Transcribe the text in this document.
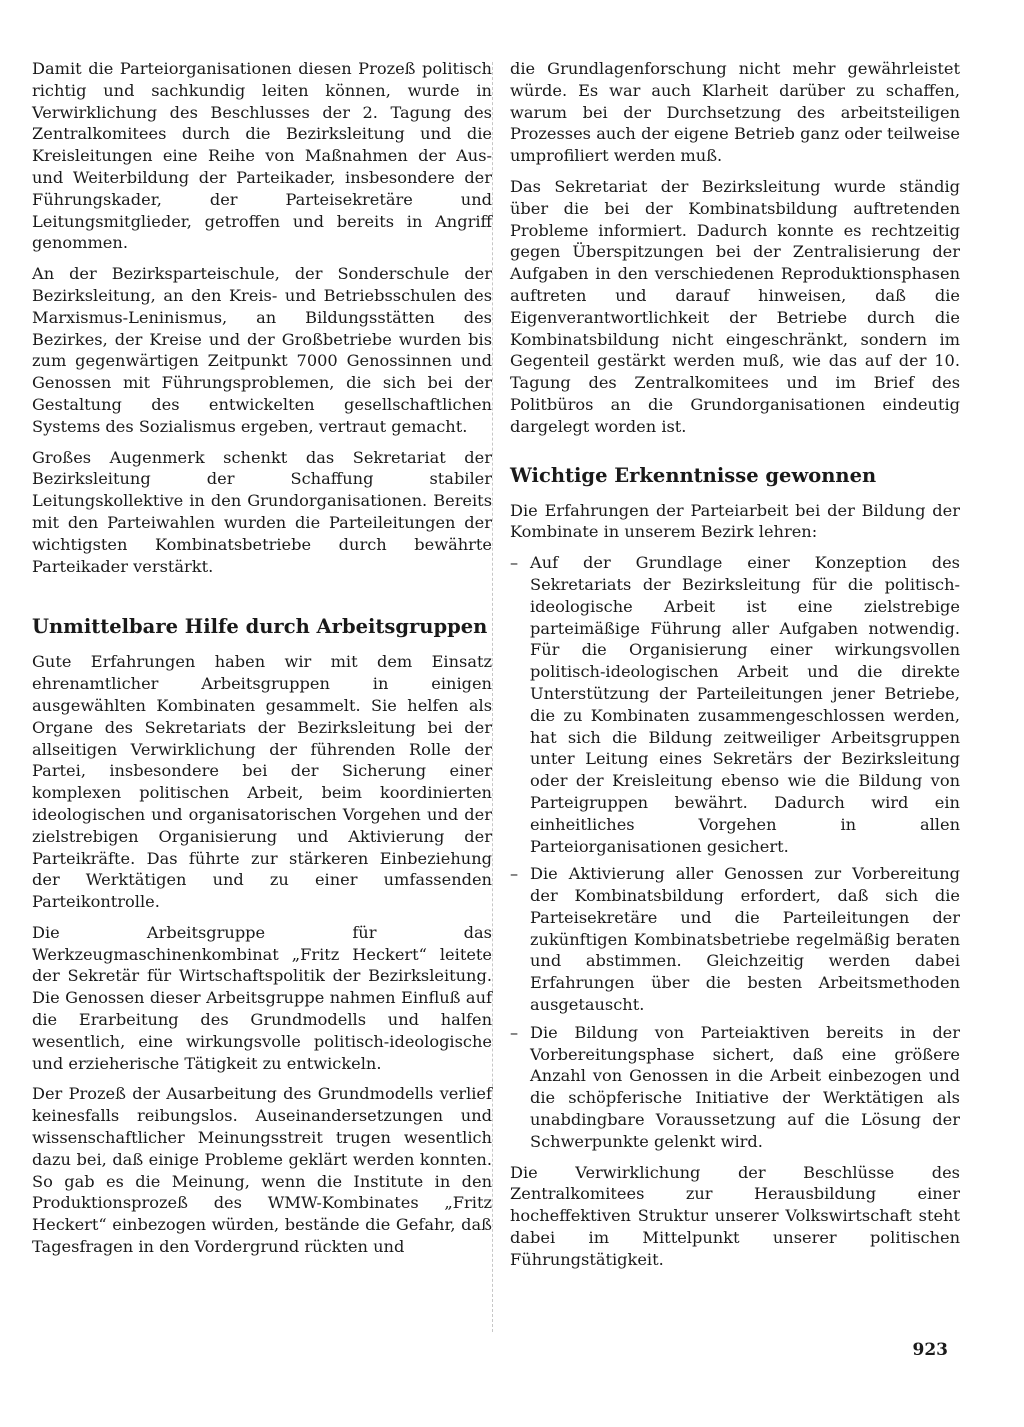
Damit die Parteiorganisationen diesen Prozeß politisch richtig und sachkundig leiten können, wurde in Verwirklichung des Beschlusses der 2. Tagung des Zentralkomitees durch die Bezirksleitung und die Kreisleitungen eine Reihe von Maßnahmen der Aus- und Weiterbildung der Parteikader, insbesondere der Führungskader, der Parteisekretäre und Leitungsmitglieder, getroffen und bereits in Angriff genommen.

An der Bezirksparteischule, der Sonderschule der Bezirksleitung, an den Kreis- und Betriebsschulen des Marxismus-Leninismus, an Bildungsstätten des Bezirkes, der Kreise und der Großbetriebe wurden bis zum gegenwärtigen Zeitpunkt 7000 Genossinnen und Genossen mit Führungsproblemen, die sich bei der Gestaltung des entwickelten gesellschaftlichen Systems des Sozialismus ergeben, vertraut gemacht.

Großes Augenmerk schenkt das Sekretariat der Bezirksleitung der Schaffung stabiler Leitungskollektive in den Grundorganisationen. Bereits mit den Parteiwahlen wurden die Parteileitungen der wichtigsten Kombinatsbetriebe durch bewährte Parteikader verstärkt.

Unmittelbare Hilfe durch Arbeitsgruppen

Gute Erfahrungen haben wir mit dem Einsatz ehrenamtlicher Arbeitsgruppen in einigen ausgewählten Kombinaten gesammelt. Sie helfen als Organe des Sekretariats der Bezirksleitung bei der allseitigen Verwirklichung der führenden Rolle der Partei, insbesondere bei der Sicherung einer komplexen politischen Arbeit, beim koordinierten ideologischen und organisatorischen Vorgehen und der zielstrebigen Organisierung und Aktivierung der Parteikräfte. Das führte zur stärkeren Einbeziehung der Werktätigen und zu einer umfassenden Parteikontrolle.

Die Arbeitsgruppe für das Werkzeugmaschinenkombinat „Fritz Heckert“ leitete der Sekretär für Wirtschaftspolitik der Bezirksleitung. Die Genossen dieser Arbeitsgruppe nahmen Einfluß auf die Erarbeitung des Grundmodells und halfen wesentlich, eine wirkungsvolle politisch-ideologische und erzieherische Tätigkeit zu entwickeln.

Der Prozeß der Ausarbeitung des Grundmodells verlief keinesfalls reibungslos. Auseinandersetzungen und wissenschaftlicher Meinungsstreit trugen wesentlich dazu bei, daß einige Probleme geklärt werden konnten. So gab es die Meinung, wenn die Institute in den Produktionsprozeß des WMW-Kombinates „Fritz Heckert“ einbezogen würden, bestände die Gefahr, daß Tagesfragen in den Vordergrund rückten und

die Grundlagenforschung nicht mehr gewährleistet würde. Es war auch Klarheit darüber zu schaffen, warum bei der Durchsetzung des arbeitsteiligen Prozesses auch der eigene Betrieb ganz oder teilweise umprofiliert werden muß.

Das Sekretariat der Bezirksleitung wurde ständig über die bei der Kombinatsbildung auftretenden Probleme informiert. Dadurch konnte es rechtzeitig gegen Überspitzungen bei der Zentralisierung der Aufgaben in den verschiedenen Reproduktionsphasen auftreten und darauf hinweisen, daß die Eigenverantwortlichkeit der Betriebe durch die Kombinatsbildung nicht eingeschränkt, sondern im Gegenteil gestärkt werden muß, wie das auf der 10. Tagung des Zentralkomitees und im Brief des Politbüros an die Grundorganisationen eindeutig dargelegt worden ist.

Wichtige Erkenntnisse gewonnen

Die Erfahrungen der Parteiarbeit bei der Bildung der Kombinate in unserem Bezirk lehren:

– Auf der Grundlage einer Konzeption des Sekretariats der Bezirksleitung für die politisch-ideologische Arbeit ist eine zielstrebige parteimäßige Führung aller Aufgaben notwendig. Für die Organisierung einer wirkungsvollen politisch-ideologischen Arbeit und die direkte Unterstützung der Parteileitungen jener Betriebe, die zu Kombinaten zusammengeschlossen werden, hat sich die Bildung zeitweiliger Arbeitsgruppen unter Leitung eines Sekretärs der Bezirksleitung oder der Kreisleitung ebenso wie die Bildung von Parteigruppen bewährt. Dadurch wird ein einheitliches Vorgehen in allen Parteiorganisationen gesichert.
– Die Aktivierung aller Genossen zur Vorbereitung der Kombinatsbildung erfordert, daß sich die Parteisekretäre und die Parteileitungen der zukünftigen Kombinatsbetriebe regelmäßig beraten und abstimmen. Gleichzeitig werden dabei Erfahrungen über die besten Arbeitsmethoden ausgetauscht.
– Die Bildung von Parteiaktiven bereits in der Vorbereitungsphase sichert, daß eine größere Anzahl von Genossen in die Arbeit einbezogen und die schöpferische Initiative der Werktätigen als unabdingbare Voraussetzung auf die Lösung der Schwerpunkte gelenkt wird.

Die Verwirklichung der Beschlüsse des Zentralkomitees zur Herausbildung einer hocheffektiven Struktur unserer Volkswirtschaft steht dabei im Mittelpunkt unserer politischen Führungstätigkeit.

923
